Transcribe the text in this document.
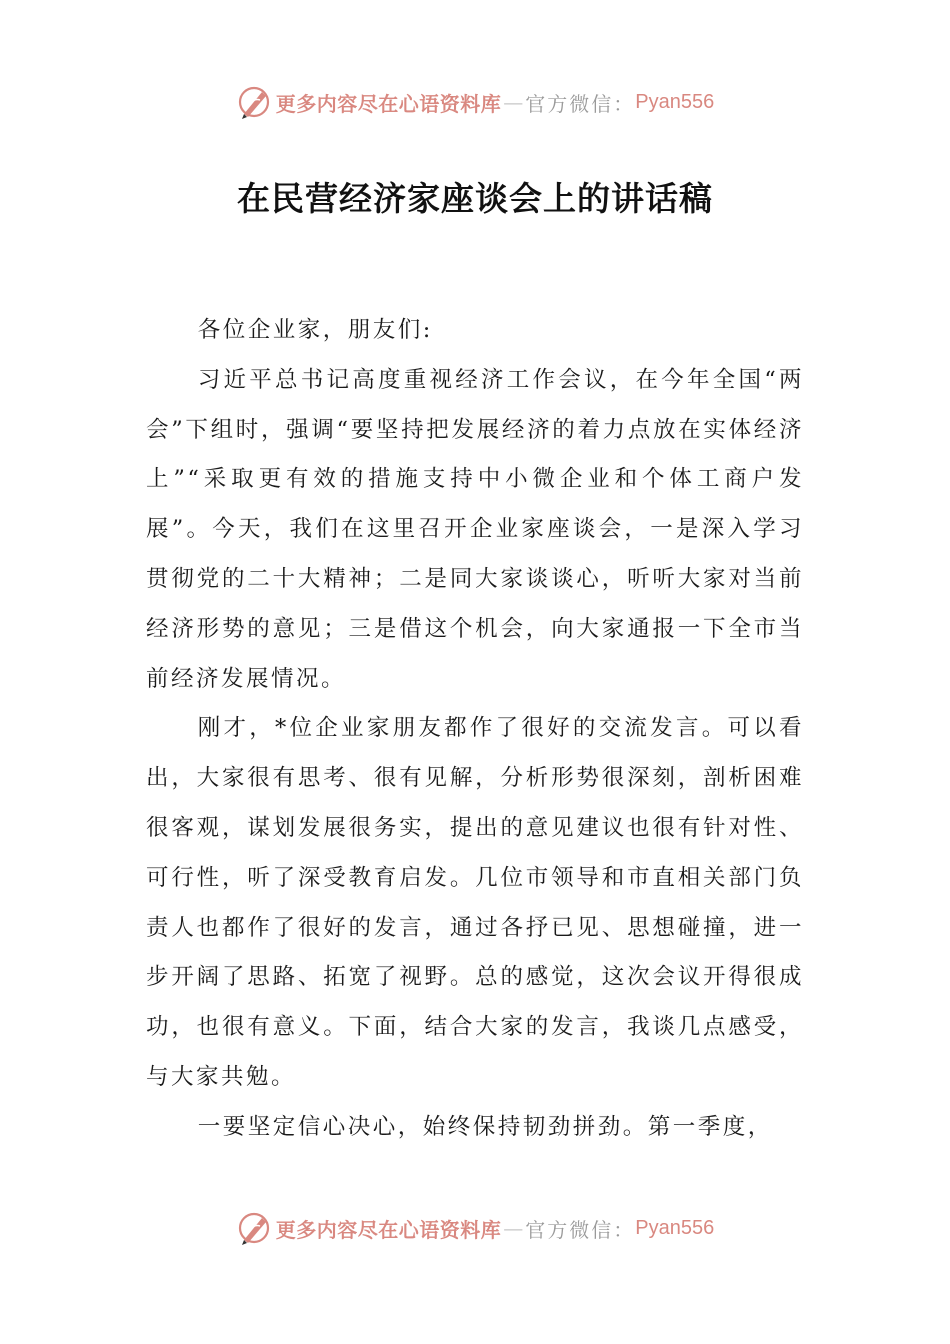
更多内容尽在心语资料库 — 官方微信： Pyan556
在民营经济家座谈会上的讲话稿

各位企业家，朋友们:

习近平总书记高度重视经济工作会议，在今年全国“两会”下组时，强调“要坚持把发展经济的着力点放在实体经济上”“采取更有效的措施支持中小微企业和个体工商户发展”。今天，我们在这里召开企业家座谈会，一是深入学习贯彻党的二十大精神；二是同大家谈谈心，听听大家对当前经济形势的意见；三是借这个机会，向大家通报一下全市当前经济发展情况。

刚才，*位企业家朋友都作了很好的交流发言。可以看出，大家很有思考、很有见解，分析形势很深刻，剖析困难很客观，谋划发展很务实，提出的意见建议也很有针对性、可行性，听了深受教育启发。几位市领导和市直相关部门负责人也都作了很好的发言，通过各抒已见、思想碰撞，进一步开阔了思路、拓宽了视野。总的感觉，这次会议开得很成功，也很有意义。下面，结合大家的发言，我谈几点感受，与大家共勉。

一要坚定信心决心，始终保持韧劲拼劲。第一季度，

更多内容尽在心语资料库 — 官方微信： Pyan556
